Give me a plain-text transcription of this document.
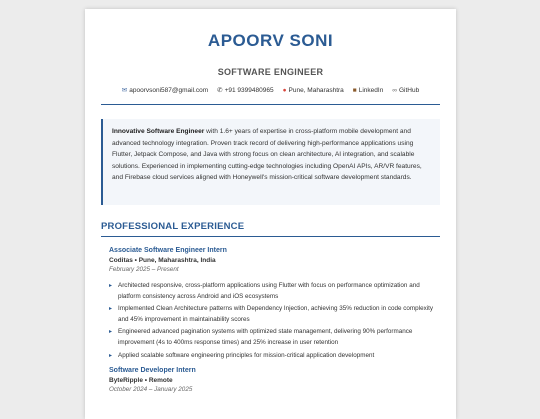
APOORV SONI
SOFTWARE ENGINEER
✉ apoorvsoni587@gmail.com ✆ +91 9399480965 ● Pune, Maharashtra ■ LinkedIn ∞ GitHub
Innovative Software Engineer with 1.6+ years of expertise in cross-platform mobile development and advanced technology integration. Proven track record of delivering high-performance applications using Flutter, Jetpack Compose, and Java with strong focus on clean architecture, AI integration, and scalable solutions. Experienced in implementing cutting-edge technologies including OpenAI APIs, AR/VR features, and Firebase cloud services aligned with Honeywell's mission-critical software development standards.
PROFESSIONAL EXPERIENCE
Associate Software Engineer Intern
Coditas • Pune, Maharashtra, India
February 2025 – Present
▸ Architected responsive, cross-platform applications using Flutter with focus on performance optimization and platform consistency across Android and iOS ecosystems
▸ Implemented Clean Architecture patterns with Dependency Injection, achieving 35% reduction in code complexity and 45% improvement in maintainability scores
▸ Engineered advanced pagination systems with optimized state management, delivering 90% performance improvement (4s to 400ms response times) and 25% increase in user retention
▸ Applied scalable software engineering principles for mission-critical application development
Software Developer Intern
ByteRipple • Remote
October 2024 – January 2025
